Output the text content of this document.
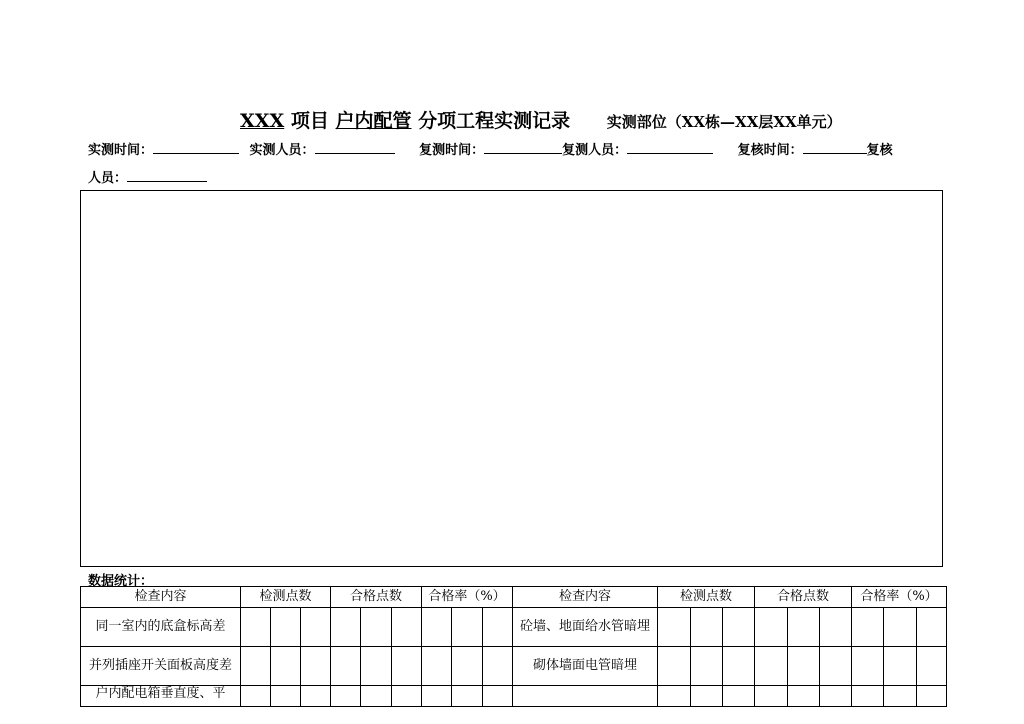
XXX 项目 户内配管 分项工程实测记录 实测部位（XX栋—XX层XX单元）
实测时间：	实测人员：	复测时间：	复测人员：	复核时间：	复核
人员：
数据统计：
检查内容	检测点数			合格点数			合格率（%）			检查内容	检测点数			合格点数			合格率（%）		
同一室内的底盒标高差										砼墙、地面给水管暗埋									
并列插座开关面板高度差										砌体墙面电管暗埋									
户内配电箱垂直度、平																			
